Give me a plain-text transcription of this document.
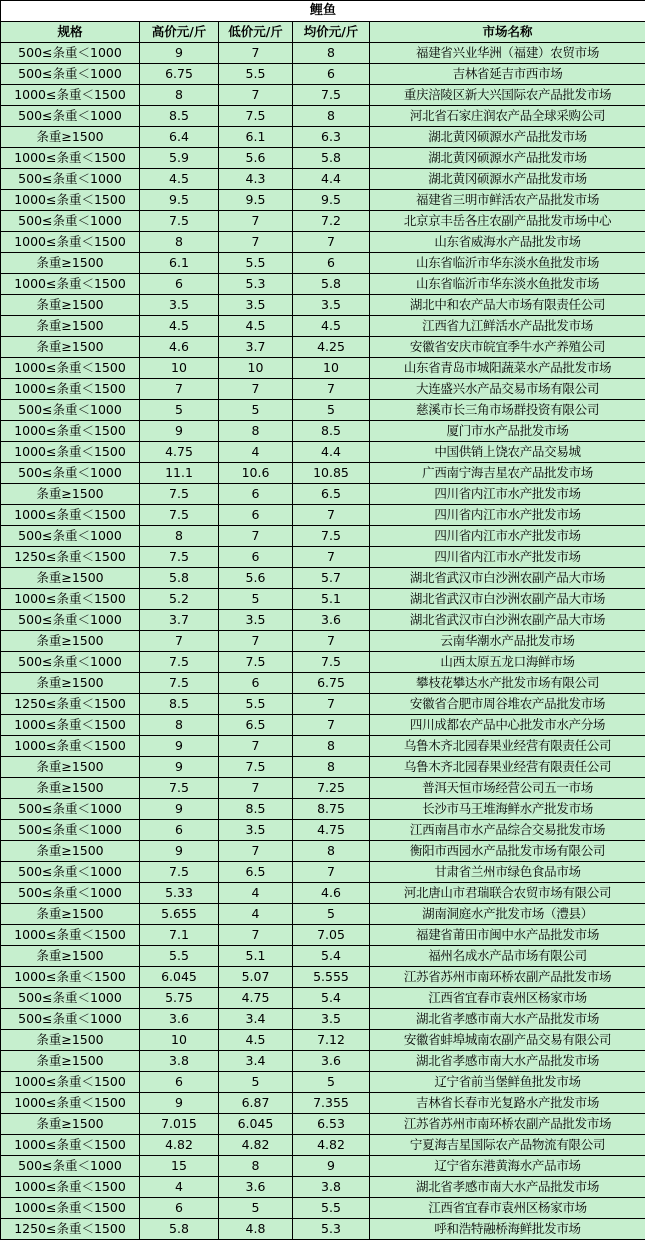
鲤鱼				
规格	高价元/斤	低价元/斤	均价元/斤	市场名称
500≤条重＜1000	9	7	8	福建省兴业华洲（福建）农贸市场
500≤条重＜1000	6.75	5.5	6	吉林省延吉市西市场
1000≤条重＜1500	8	7	7.5	重庆涪陵区新大兴国际农产品批发市场
500≤条重＜1000	8.5	7.5	8	河北省石家庄润农产品全球采购公司
条重≥1500	6.4	6.1	6.3	湖北黄冈硕源水产品批发市场
1000≤条重＜1500	5.9	5.6	5.8	湖北黄冈硕源水产品批发市场
500≤条重＜1000	4.5	4.3	4.4	湖北黄冈硕源水产品批发市场
1000≤条重＜1500	9.5	9.5	9.5	福建省三明市鲜活农产品批发市场
500≤条重＜1000	7.5	7	7.2	北京京丰岳各庄农副产品批发市场中心
1000≤条重＜1500	8	7	7	山东省威海水产品批发市场
条重≥1500	6.1	5.5	6	山东省临沂市华东淡水鱼批发市场
1000≤条重＜1500	6	5.3	5.8	山东省临沂市华东淡水鱼批发市场
条重≥1500	3.5	3.5	3.5	湖北中和农产品大市场有限责任公司
条重≥1500	4.5	4.5	4.5	江西省九江鲜活水产品批发市场
条重≥1500	4.6	3.7	4.25	安徽省安庆市皖宜季牛水产养殖公司
1000≤条重＜1500	10	10	10	山东省青岛市城阳蔬菜水产品批发市场
1000≤条重＜1500	7	7	7	大连盛兴水产品交易市场有限公司
500≤条重＜1000	5	5	5	慈溪市长三角市场群投资有限公司
1000≤条重＜1500	9	8	8.5	厦门市水产品批发市场
1000≤条重＜1500	4.75	4	4.4	中国供销上饶农产品交易城
500≤条重＜1000	11.1	10.6	10.85	广西南宁海吉星农产品批发市场
条重≥1500	7.5	6	6.5	四川省内江市水产批发市场
1000≤条重＜1500	7.5	6	7	四川省内江市水产批发市场
500≤条重＜1000	8	7	7.5	四川省内江市水产批发市场
1250≤条重＜1500	7.5	6	7	四川省内江市水产批发市场
条重≥1500	5.8	5.6	5.7	湖北省武汉市白沙洲农副产品大市场
1000≤条重＜1500	5.2	5	5.1	湖北省武汉市白沙洲农副产品大市场
500≤条重＜1000	3.7	3.5	3.6	湖北省武汉市白沙洲农副产品大市场
条重≥1500	7	7	7	云南华潮水产品批发市场
500≤条重＜1000	7.5	7.5	7.5	山西太原五龙口海鲜市场
条重≥1500	7.5	6	6.75	攀枝花攀达水产批发市场有限公司
1250≤条重＜1500	8.5	5.5	7	安徽省合肥市周谷堆农产品批发市场
1000≤条重＜1500	8	6.5	7	四川成都农产品中心批发市水产分场
1000≤条重＜1500	9	7	8	乌鲁木齐北园春果业经营有限责任公司
条重≥1500	9	7.5	8	乌鲁木齐北园春果业经营有限责任公司
条重≥1500	7.5	7	7.25	普洱天恒市场经营公司五一市场
500≤条重＜1000	9	8.5	8.75	长沙市马王堆海鲜水产批发市场
500≤条重＜1000	6	3.5	4.75	江西南昌市水产品综合交易批发市场
条重≥1500	9	7	8	衡阳市西园水产品批发市场有限公司
500≤条重＜1000	7.5	6.5	7	甘肃省兰州市绿色食品市场
500≤条重＜1000	5.33	4	4.6	河北唐山市君瑞联合农贸市场有限公司
条重≥1500	5.655	4	5	湖南洞庭水产批发市场（澧县）
1000≤条重＜1500	7.1	7	7.05	福建省莆田市闽中水产品批发市场
条重≥1500	5.5	5.1	5.4	福州名成水产品市场有限公司
1000≤条重＜1500	6.045	5.07	5.555	江苏省苏州市南环桥农副产品批发市场
500≤条重＜1000	5.75	4.75	5.4	江西省宜春市袁州区杨家市场
500≤条重＜1000	3.6	3.4	3.5	湖北省孝感市南大水产品批发市场
条重≥1500	10	4.5	7.12	安徽省蚌埠城南农副产品交易有限公司
条重≥1500	3.8	3.4	3.6	湖北省孝感市南大水产品批发市场
1000≤条重＜1500	6	5	5	辽宁省前当堡鲜鱼批发市场
1000≤条重＜1500	9	6.87	7.355	吉林省长春市光复路水产批发市场
条重≥1500	7.015	6.045	6.53	江苏省苏州市南环桥农副产品批发市场
1000≤条重＜1500	4.82	4.82	4.82	宁夏海吉星国际农产品物流有限公司
500≤条重＜1000	15	8	9	辽宁省东港黄海水产品市场
1000≤条重＜1500	4	3.6	3.8	湖北省孝感市南大水产品批发市场
1000≤条重＜1500	6	5	5.5	江西省宜春市袁州区杨家市场
1250≤条重＜1500	5.8	4.8	5.3	呼和浩特融桥海鲜批发市场
